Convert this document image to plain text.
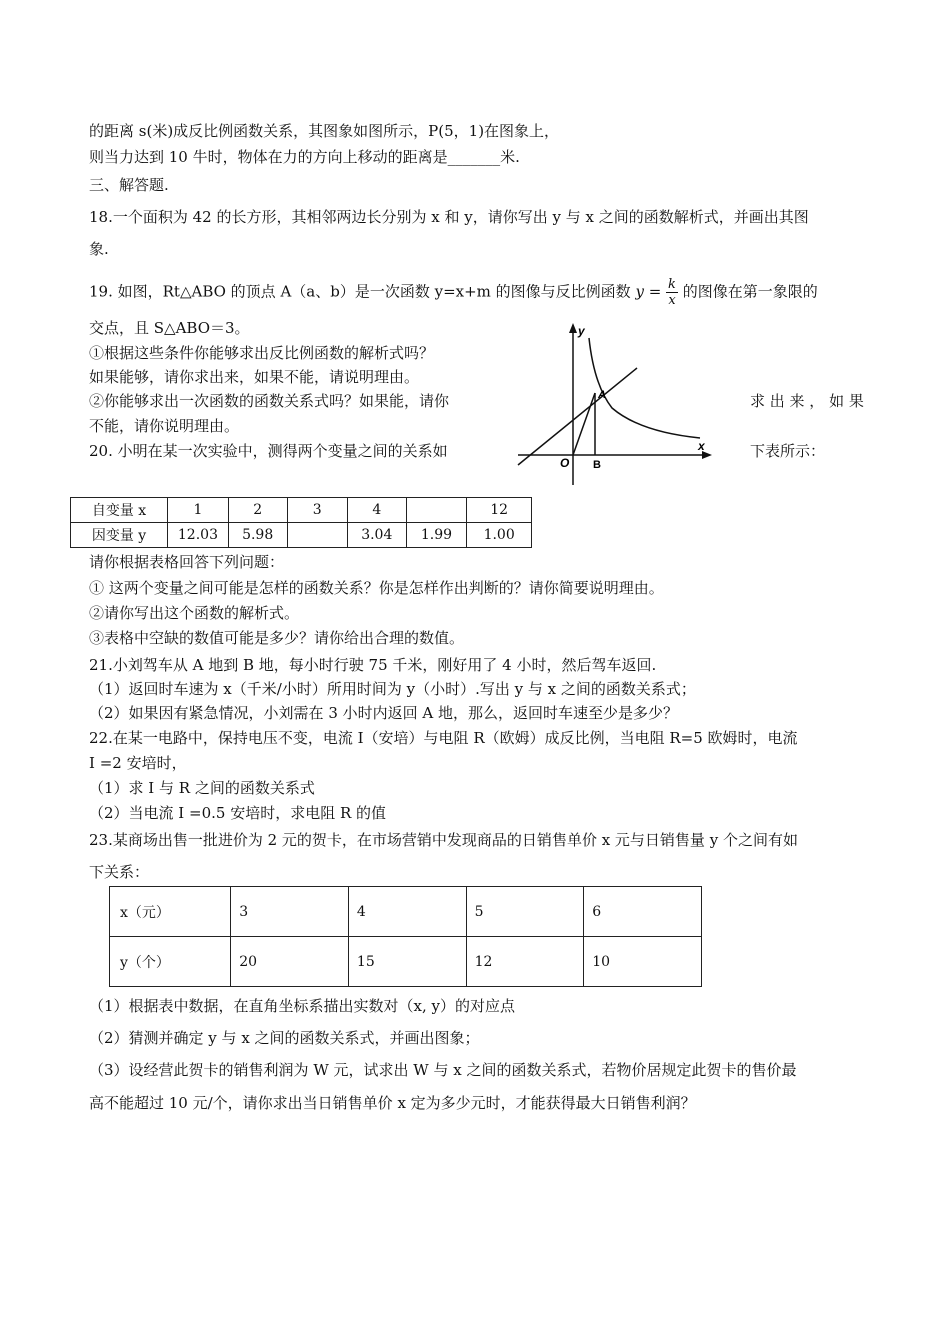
的距离 s(米)成反比例函数关系，其图象如图所示，P(5，1)在图象上，
则当力达到 10 牛时，物体在力的方向上移动的距离是_______米.
三、解答题.
18.一个面积为 42 的长方形，其相邻两边长分别为 x 和 y，请你写出 y 与 x 之间的函数解析式，并画出其图
象.
19. 如图，Rt△ABO 的顶点 A（a、b）是一次函数 y=x+m 的图像与反比例函数 $y = \frac{k}{x}$ 的图像在第一象限的
交点，且 S△ABO＝3。
①根据这些条件你能够求出反比例函数的解析式吗？
如果能够，请你求出来，如果不能，请说明理由。
②你能够求出一次函数的函数关系式吗？如果能，请你	求 出 来 ， 如 果
不能，请你说明理由。
20. 小明在某一次实验中，测得两个变量之间的关系如	下表所示：
y
x
A
O B
自变量 x	1	2	3	4		12
因变量 y	12.03	5.98		3.04	1.99	1.00
请你根据表格回答下列问题：
① 这两个变量之间可能是怎样的函数关系？你是怎样作出判断的？请你简要说明理由。
②请你写出这个函数的解析式。
③表格中空缺的数值可能是多少？请你给出合理的数值。
21.小刘驾车从 A 地到 B 地，每小时行驶 75 千米，刚好用了 4 小时，然后驾车返回.
（1）返回时车速为 x（千米/小时）所用时间为 y（小时）.写出 y 与 x 之间的函数关系式；
（2）如果因有紧急情况，小刘需在 3 小时内返回 A 地，那么，返回时车速至少是多少？
22.在某一电路中，保持电压不变，电流 I（安培）与电阻 R（欧姆）成反比例，当电阻 R=5 欧姆时，电流
I =2 安培时，
（1）求 I 与 R 之间的函数关系式
（2）当电流 I =0.5 安培时，求电阻 R 的值
23.某商场出售一批进价为 2 元的贺卡，在市场营销中发现商品的日销售单价 x 元与日销售量 y 个之间有如
下关系：
x（元）	3	4	5	6
y（个）	20	15	12	10
（1）根据表中数据，在直角坐标系描出实数对（x, y）的对应点
（2）猜测并确定 y 与 x 之间的函数关系式，并画出图象；
（3）设经营此贺卡的销售利润为 W 元，试求出 W 与 x 之间的函数关系式，若物价居规定此贺卡的售价最
高不能超过 10 元/个，请你求出当日销售单价 x 定为多少元时，才能获得最大日销售利润？
